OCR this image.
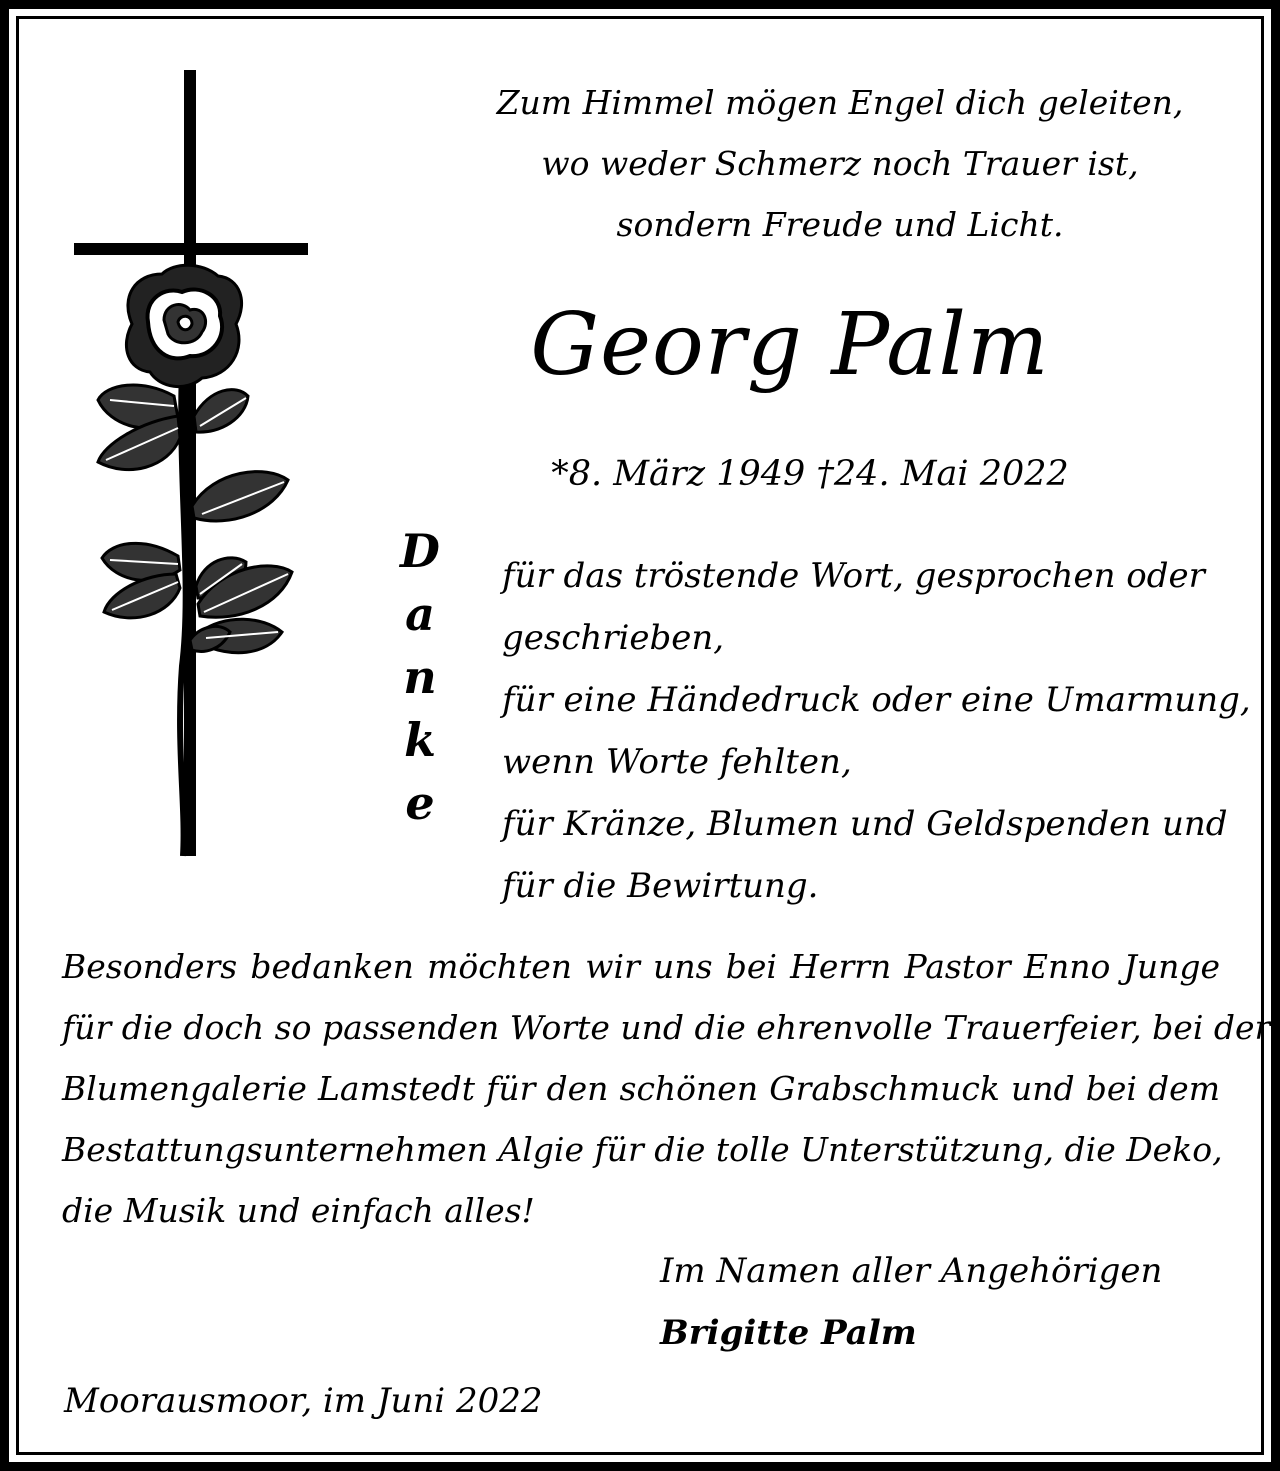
Zum Himmel mögen Engel dich geleiten,
wo weder Schmerz noch Trauer ist,
sondern Freude und Licht.
Georg Palm
*8. März 1949 †24. Mai 2022
D
a
n
k
e
für das tröstende Wort, gesprochen oder
geschrieben,
für eine Händedruck oder eine Umarmung,
wenn Worte fehlten,
für Kränze, Blumen und Geldspenden und
für die Bewirtung.
Besonders bedanken möchten wir uns bei Herrn Pastor Enno Junge
für die doch so passenden Worte und die ehrenvolle Trauerfeier, bei der
Blumengalerie Lamstedt für den schönen Grabschmuck und bei dem
Bestattungsunternehmen Algie für die tolle Unterstützung, die Deko,
die Musik und einfach alles!
Im Namen aller Angehörigen
Brigitte Palm
Moorausmoor, im Juni 2022
